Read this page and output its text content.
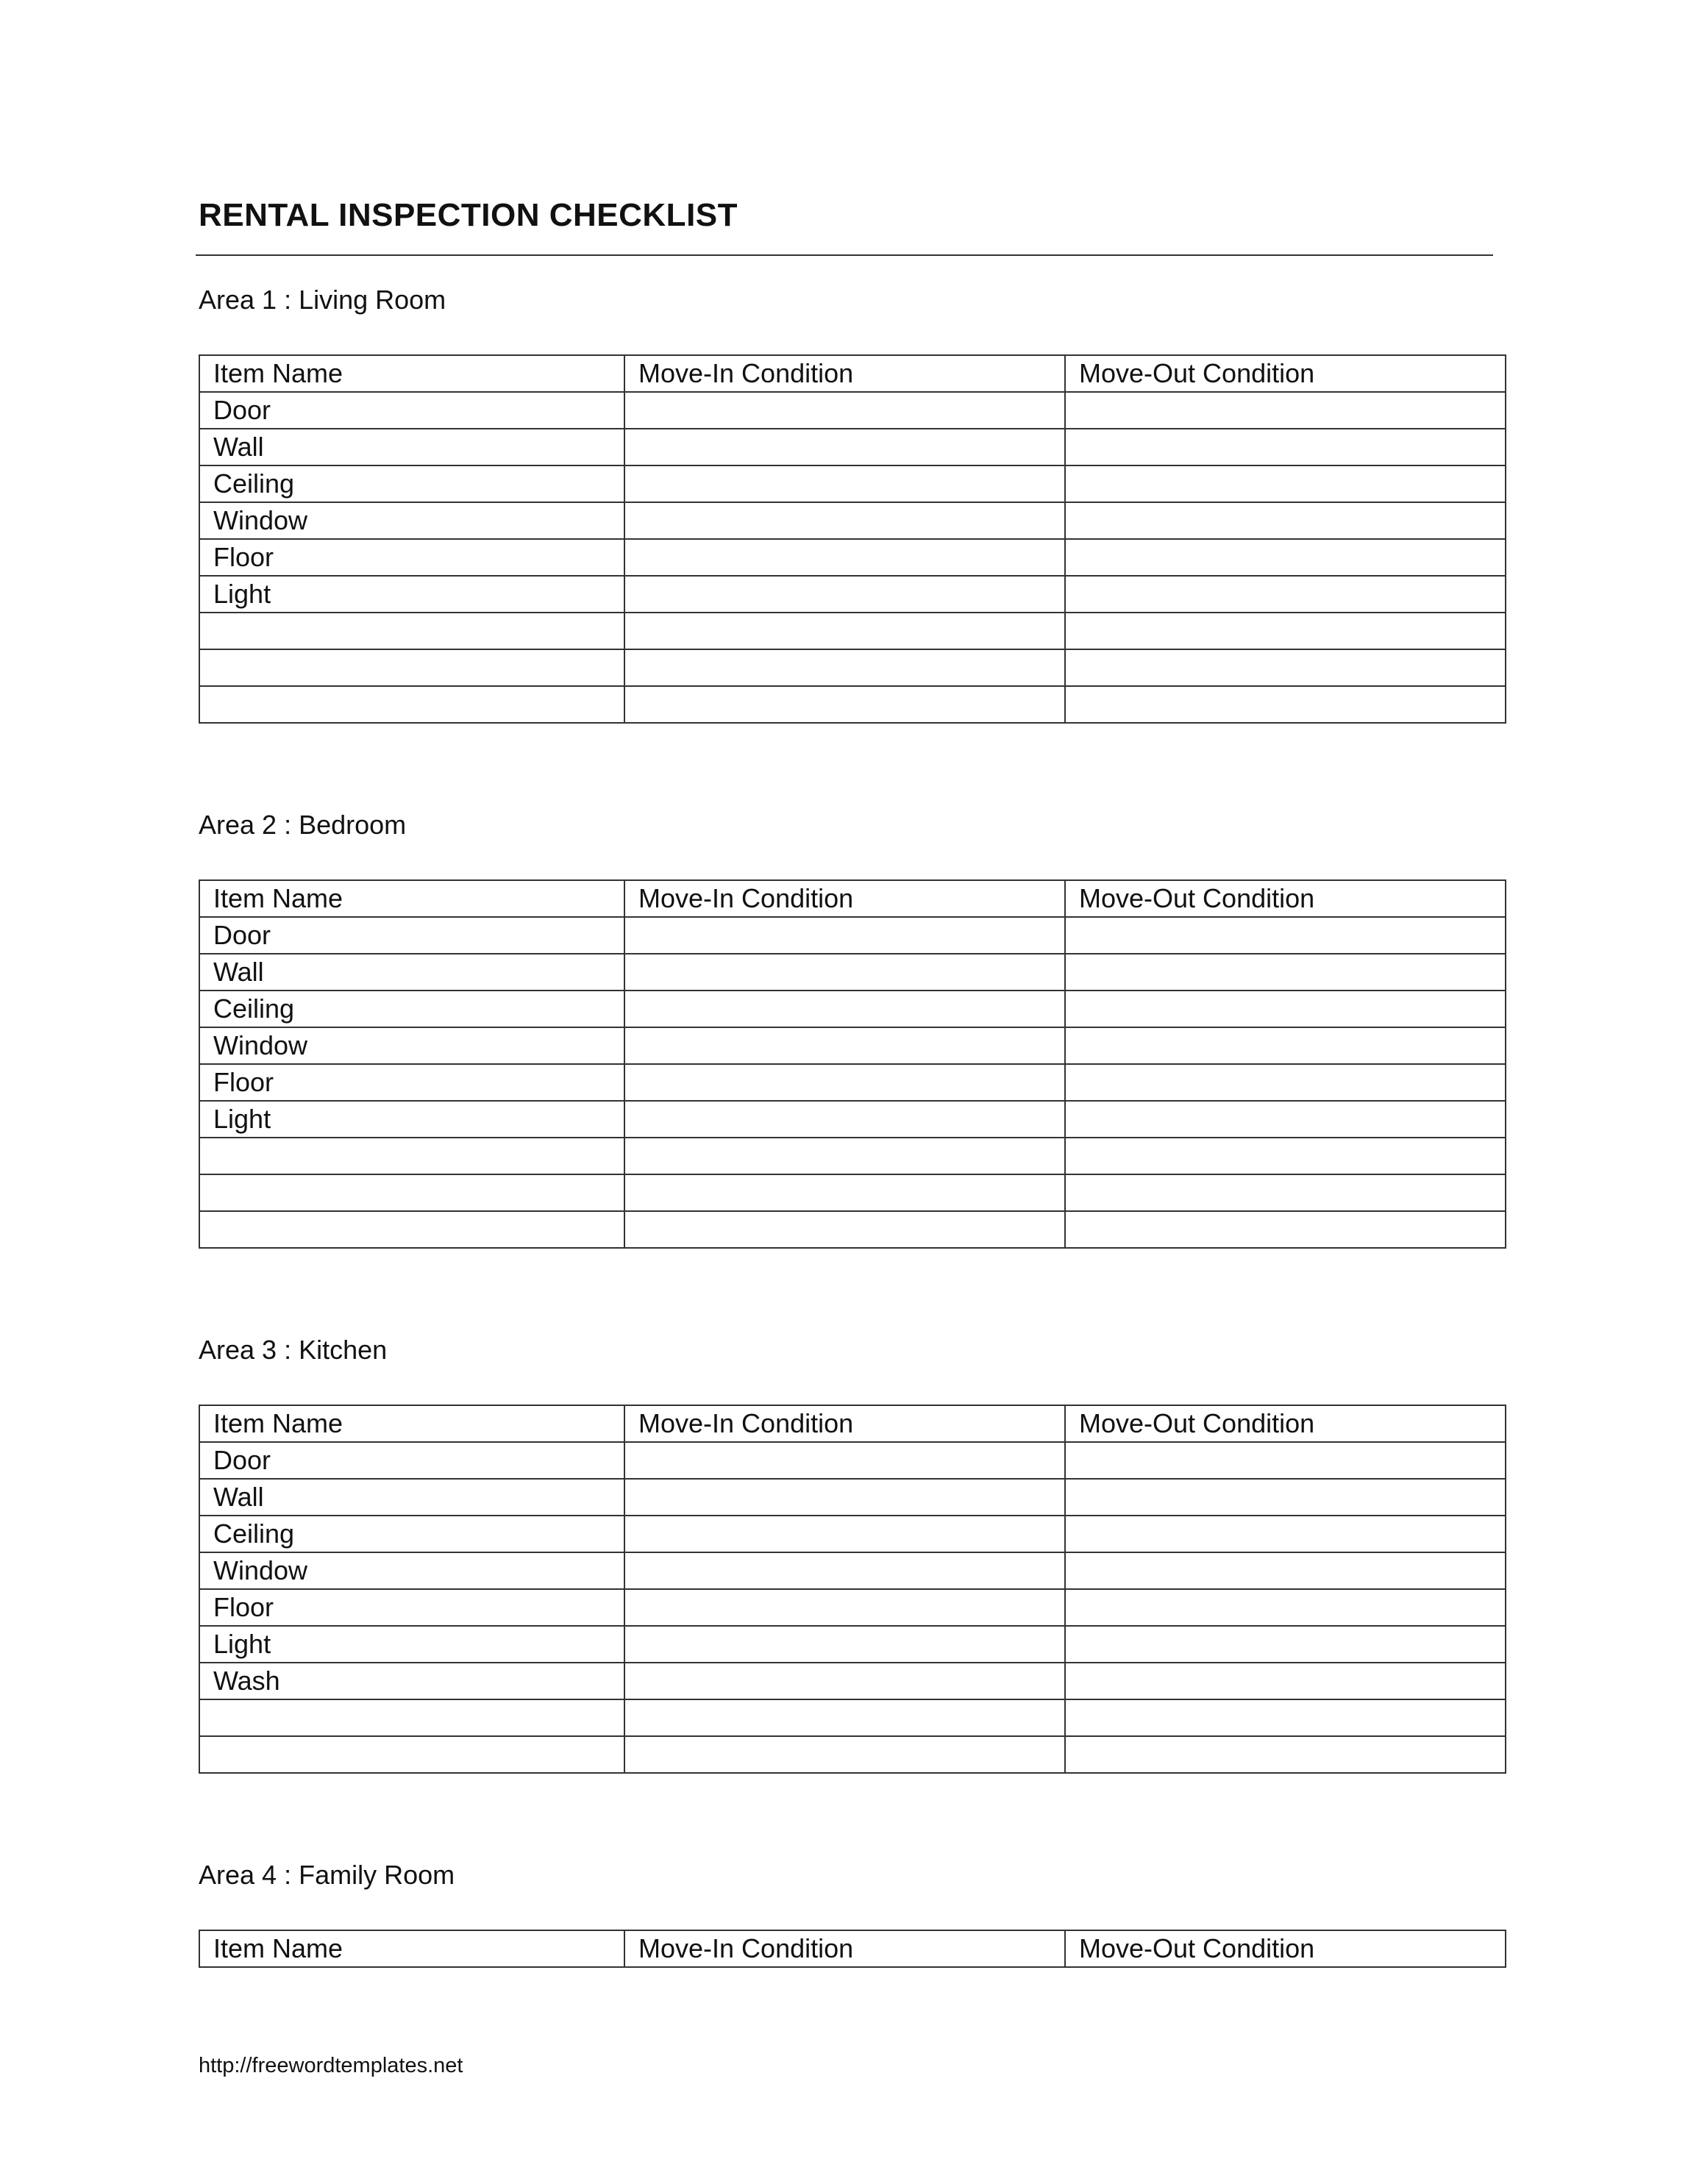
RENTAL INSPECTION CHECKLIST
Area 1 : Living Room
Item Name	Move-In Condition	Move-Out Condition
Door		
Wall		
Ceiling		
Window		
Floor		
Light		

Area 2 : Bedroom
Item Name	Move-In Condition	Move-Out Condition
Door		
Wall		
Ceiling		
Window		
Floor		
Light		

Area 3 : Kitchen
Item Name	Move-In Condition	Move-Out Condition
Door		
Wall		
Ceiling		
Window		
Floor		
Light		
Wash		

Area 4 : Family Room
Item Name	Move-In Condition	Move-Out Condition
http://freewordtemplates.net
